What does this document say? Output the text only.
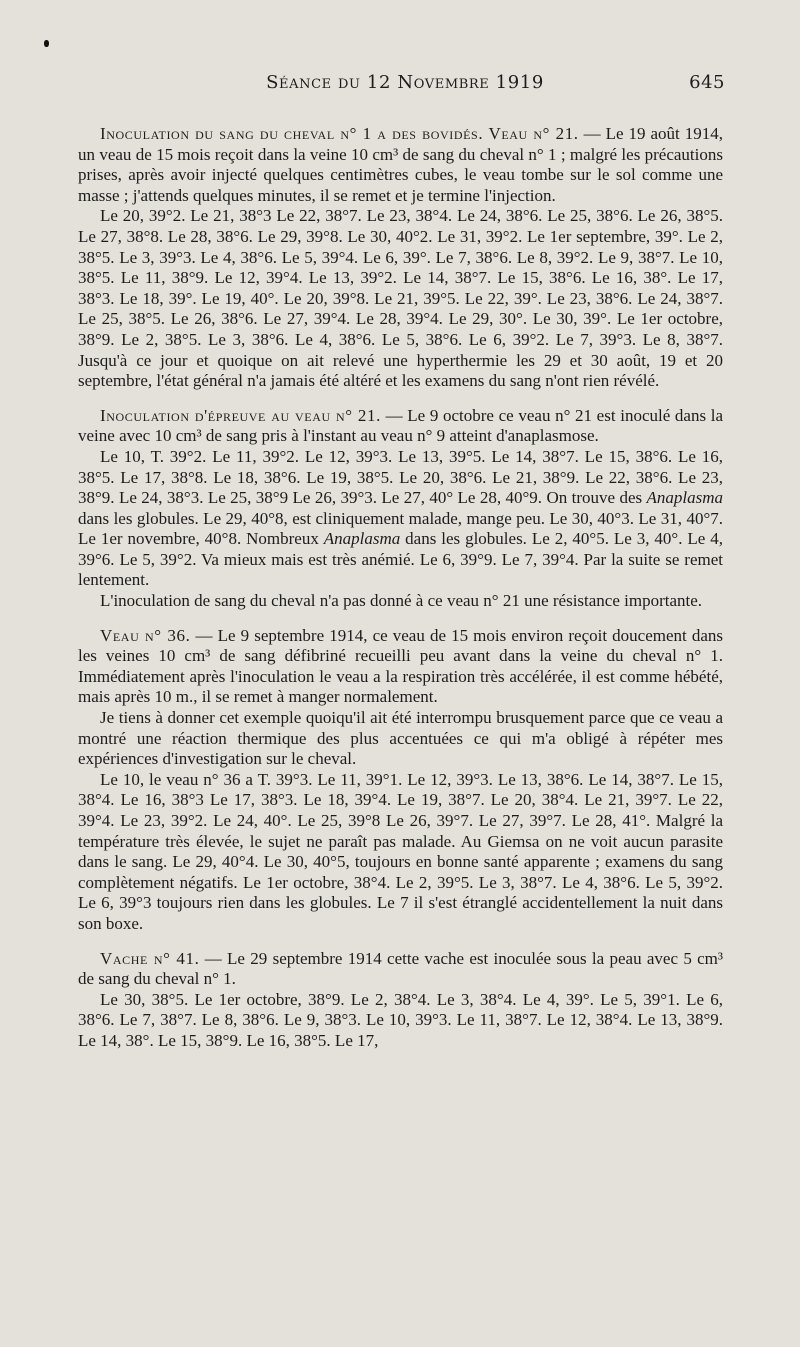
Séance du 12 Novembre 1919	645

Inoculation du sang du cheval n° 1 a des bovidés. Veau n° 21. — Le 19 août 1914, un veau de 15 mois reçoit dans la veine 10 cm³ de sang du cheval n° 1 ; malgré les précautions prises, après avoir injecté quelques centimètres cubes, le veau tombe sur le sol comme une masse ; j'attends quelques minutes, il se remet et je termine l'injection.

Le 20, 39°2. Le 21, 38°3 Le 22, 38°7. Le 23, 38°4. Le 24, 38°6. Le 25, 38°6. Le 26, 38°5. Le 27, 38°8. Le 28, 38°6. Le 29, 39°8. Le 30, 40°2. Le 31, 39°2. Le 1er septembre, 39°. Le 2, 38°5. Le 3, 39°3. Le 4, 38°6. Le 5, 39°4. Le 6, 39°. Le 7, 38°6. Le 8, 39°2. Le 9, 38°7. Le 10, 38°5. Le 11, 38°9. Le 12, 39°4. Le 13, 39°2. Le 14, 38°7. Le 15, 38°6. Le 16, 38°. Le 17, 38°3. Le 18, 39°. Le 19, 40°. Le 20, 39°8. Le 21, 39°5. Le 22, 39°. Le 23, 38°6. Le 24, 38°7. Le 25, 38°5. Le 26, 38°6. Le 27, 39°4. Le 28, 39°4. Le 29, 30°. Le 30, 39°. Le 1er octobre, 38°9. Le 2, 38°5. Le 3, 38°6. Le 4, 38°6. Le 5, 38°6. Le 6, 39°2. Le 7, 39°3. Le 8, 38°7. Jusqu'à ce jour et quoique on ait relevé une hyperthermie les 29 et 30 août, 19 et 20 septembre, l'état général n'a jamais été altéré et les examens du sang n'ont rien révélé.

Inoculation d'épreuve au veau n° 21. — Le 9 octobre ce veau n° 21 est inoculé dans la veine avec 10 cm³ de sang pris à l'instant au veau n° 9 atteint d'anaplasmose.

Le 10, T. 39°2. Le 11, 39°2. Le 12, 39°3. Le 13, 39°5. Le 14, 38°7. Le 15, 38°6. Le 16, 38°5. Le 17, 38°8. Le 18, 38°6. Le 19, 38°5. Le 20, 38°6. Le 21, 38°9. Le 22, 38°6. Le 23, 38°9. Le 24, 38°3. Le 25, 38°9 Le 26, 39°3. Le 27, 40° Le 28, 40°9. On trouve des Anaplasma dans les globules. Le 29, 40°8, est cliniquement malade, mange peu. Le 30, 40°3. Le 31, 40°7. Le 1er novembre, 40°8. Nombreux Anaplasma dans les globules. Le 2, 40°5. Le 3, 40°. Le 4, 39°6. Le 5, 39°2. Va mieux mais est très anémié. Le 6, 39°9. Le 7, 39°4. Par la suite se remet lentement.

L'inoculation de sang du cheval n'a pas donné à ce veau n° 21 une résistance importante.

Veau n° 36. — Le 9 septembre 1914, ce veau de 15 mois environ reçoit doucement dans les veines 10 cm³ de sang défibriné recueilli peu avant dans la veine du cheval n° 1. Immédiatement après l'inoculation le veau a la respiration très accélérée, il est comme hébété, mais après 10 m., il se remet à manger normalement.

Je tiens à donner cet exemple quoiqu'il ait été interrompu brusquement parce que ce veau a montré une réaction thermique des plus accentuées ce qui m'a obligé à répéter mes expériences d'investigation sur le cheval.

Le 10, le veau n° 36 a T. 39°3. Le 11, 39°1. Le 12, 39°3. Le 13, 38°6. Le 14, 38°7. Le 15, 38°4. Le 16, 38°3 Le 17, 38°3. Le 18, 39°4. Le 19, 38°7. Le 20, 38°4. Le 21, 39°7. Le 22, 39°4. Le 23, 39°2. Le 24, 40°. Le 25, 39°8 Le 26, 39°7. Le 27, 39°7. Le 28, 41°. Malgré la température très élevée, le sujet ne paraît pas malade. Au Giemsa on ne voit aucun parasite dans le sang. Le 29, 40°4. Le 30, 40°5, toujours en bonne santé apparente ; examens du sang complètement négatifs. Le 1er octobre, 38°4. Le 2, 39°5. Le 3, 38°7. Le 4, 38°6. Le 5, 39°2. Le 6, 39°3 toujours rien dans les globules. Le 7 il s'est étranglé accidentellement la nuit dans son boxe.

Vache n° 41. — Le 29 septembre 1914 cette vache est inoculée sous la peau avec 5 cm³ de sang du cheval n° 1.

Le 30, 38°5. Le 1er octobre, 38°9. Le 2, 38°4. Le 3, 38°4. Le 4, 39°. Le 5, 39°1. Le 6, 38°6. Le 7, 38°7. Le 8, 38°6. Le 9, 38°3. Le 10, 39°3. Le 11, 38°7. Le 12, 38°4. Le 13, 38°9. Le 14, 38°. Le 15, 38°9. Le 16, 38°5. Le 17,
